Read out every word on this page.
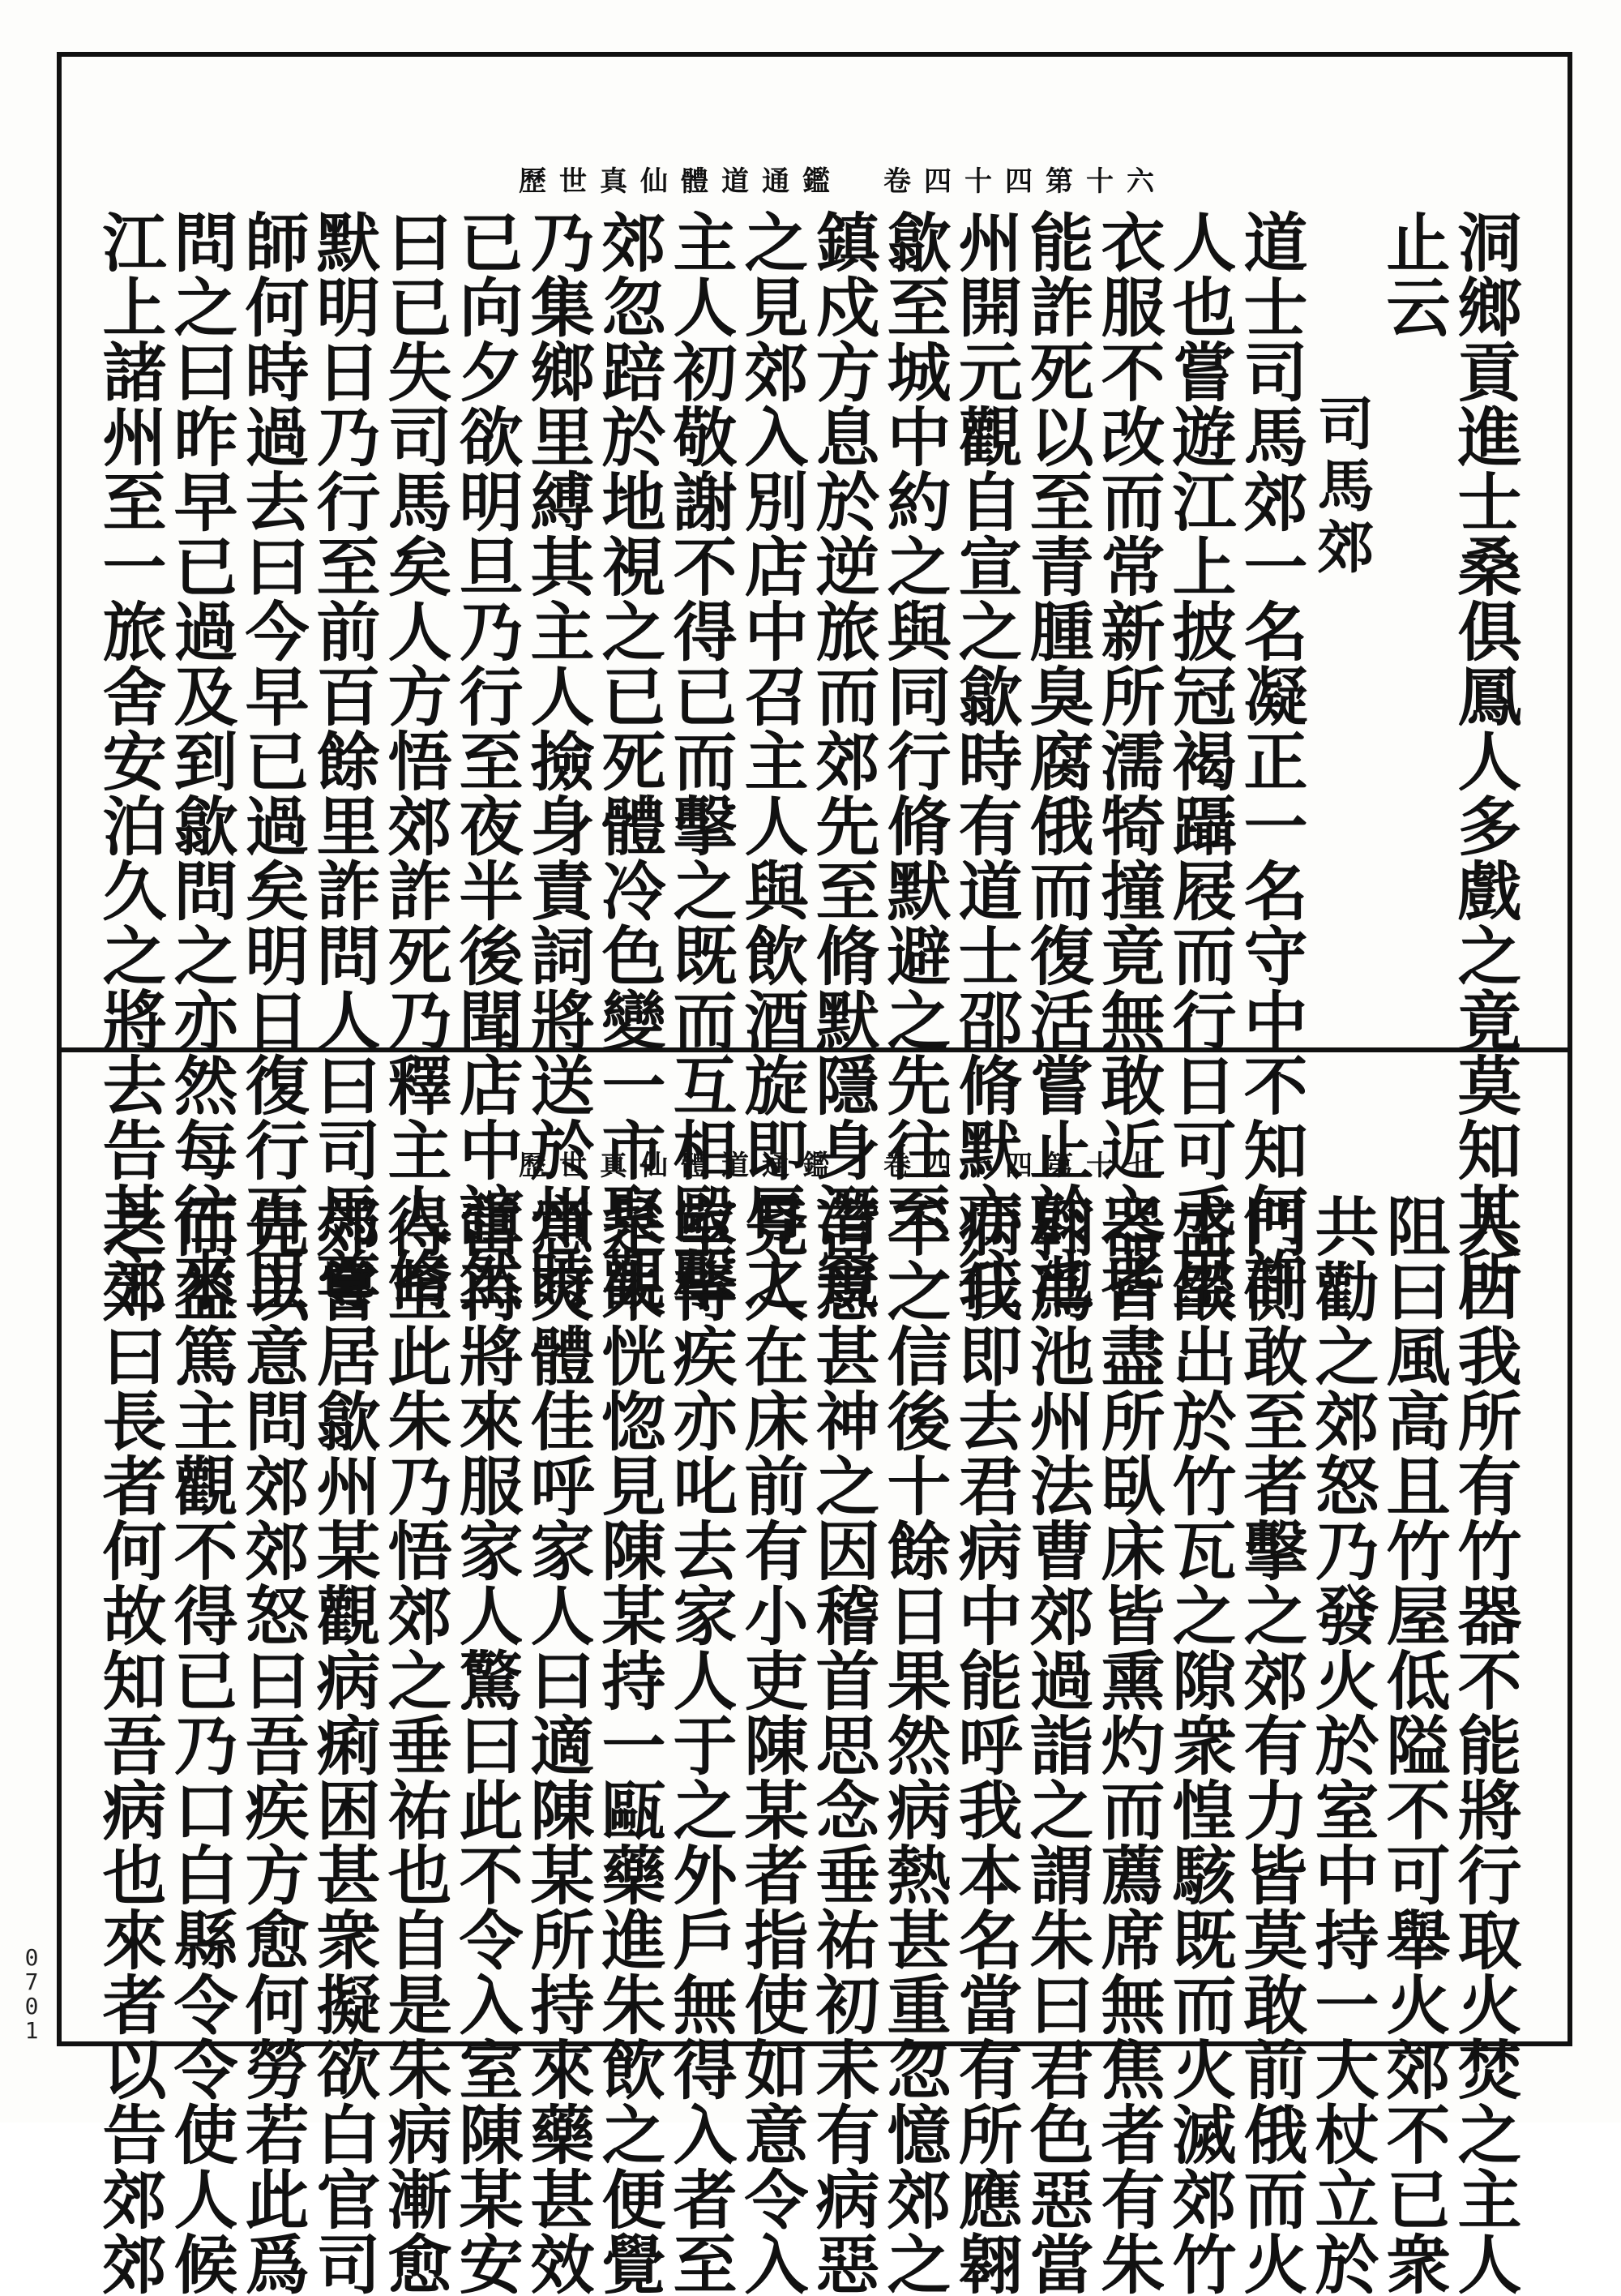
歷世真仙體道通鑑　卷四十四第十六
歷世真仙體道通鑑　卷四十四第十七	洞鄉貢進士桑俱鳳人多戲之竟莫知其所
止云
　　　司馬郊
道士司馬郊一名凝正一名守中不知何許
人也嘗遊江上披冠褐躡屐而行日可千里
衣服不改而常新所濡犄撞竟無敢近之者
能詐死以至青腫臭腐俄而復活嘗止於池
州開元觀自宣之歙時有道士邵脩默亦往
歙至城中約之與同行脩默避之先往至一
鎮戍方息於逆旅而郊先至脩默隱身潛窺
之見郊入別店中召主人與飲酒旋即辱之
主人初敬謝不得已而擊之既而互相毆擊
郊忽踣於地視之已死體冷色變一市聚觀
乃集鄉里縛其主人撿身責詞將送於州時
已向夕欲明旦乃行至夜半後聞店中諠然
曰已失司馬矣人方悟郊詐死乃釋主人脩
默明日乃行至前百餘里詐問人曰司馬尊
師何時過去曰今早已過矣明日復行百里
問之曰昨早已過及到歙問之亦然每往來
江上諸州至一旅舍安泊久之將去告其主
人曰我所有竹器不能將行取火焚之主人
阻曰風高且竹屋低隘不可舉火郊不已衆
共勸之郊怒乃發火於室中持一大杖立於
門側敢至者擊之郊有力皆莫敢前俄而火
盛燄出於竹瓦之隙衆惶駭既而火滅郊竹
器皆盡所臥床皆熏灼而薦席無焦者有朱
翱爲池州法曹郊過詣之謂朱曰君色惡當
病我即去君病中能呼我本名當有所應翱
不之信後十餘日果然病熱甚重忽憶郊之
言意甚神之因稽首思念垂祐初未有病惡
見人在床前有小吏陳某者指使如意令入
室侍疾亦叱去家人于之外戶無得入者至
是朱恍惚見陳某持一甌藥進朱飲之便覺
意爽體佳呼家人曰適陳某所持來藥甚效
當再將來服家人驚曰此不令入室陳某安
得至此朱乃悟郊之垂祐也自是朱病漸愈
郊嘗居歙州某觀病痢困甚衆擬欲白官司
先以意問郊郊怒曰吾疾方愈何勞若此爲
而益篤主觀不得已乃口白縣令令使人候
之郊曰長者何故知吾病也來者以告郊郊
0
7
0
1
